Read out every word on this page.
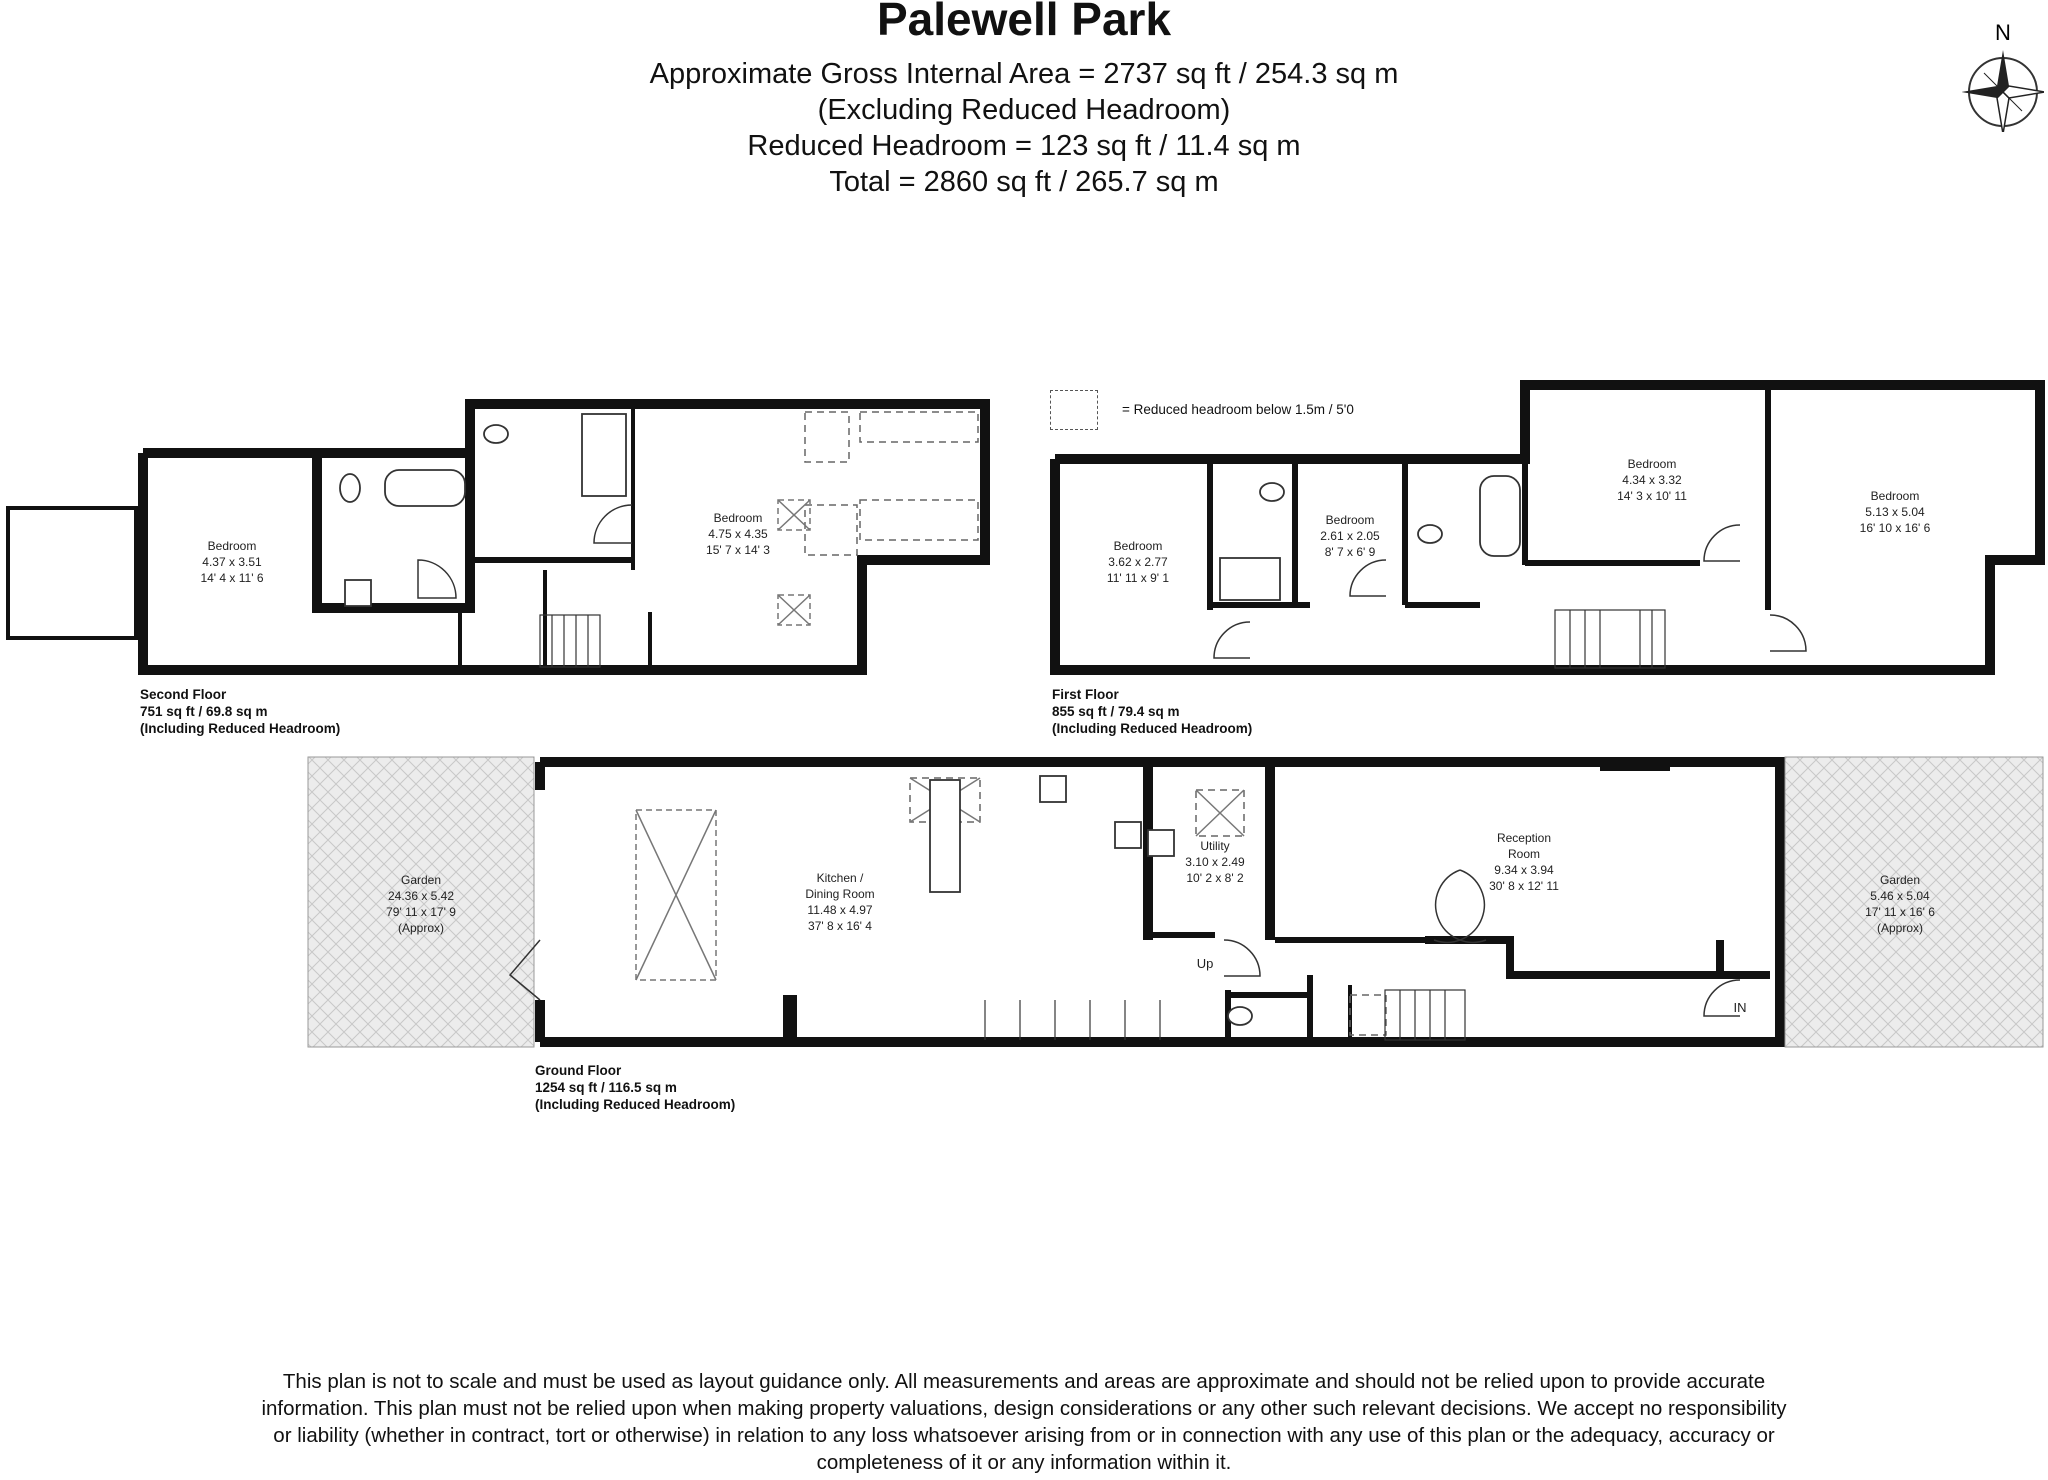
Palewell Park
Approximate Gross Internal Area = 2737 sq ft / 254.3 sq m
(Excluding Reduced Headroom)
Reduced Headroom = 123 sq ft / 11.4 sq m
Total = 2860 sq ft / 265.7 sq m
N
= Reduced headroom below 1.5m / 5'0
Bedroom
4.37 x 3.51
14' 4 x 11' 6
Bedroom
4.75 x 4.35
15' 7 x 14' 3	Bedroom
3.62 x 2.77
11' 11 x 9' 1
Bedroom
2.61 x 2.05
8' 7 x 6' 9
Bedroom
4.34 x 3.32
14' 3 x 10' 11	Bedroom
5.13 x 5.04
16' 10 x 16' 6
Garden
24.36 x 5.42
79' 11 x 17' 9
(Approx)
Kitchen /
Dining Room
11.48 x 4.97
37' 8 x 16' 4
Utility
3.10 x 2.49
10' 2 x 8' 2
Reception
Room
9.34 x 3.94
30' 8 x 12' 11	Garden
5.46 x 5.04
17' 11 x 16' 6
(Approx)
Up
IN
Second Floor
751 sq ft / 69.8 sq m
(Including Reduced Headroom)
First Floor
855 sq ft / 79.4 sq m
(Including Reduced Headroom)
Ground Floor
1254 sq ft / 116.5 sq m
(Including Reduced Headroom)
This plan is not to scale and must be used as layout guidance only. All measurements and areas are approximate and should not be relied upon to provide accurate information. This plan must not be relied upon when making property valuations, design considerations or any other such relevant decisions. We accept no responsibility or liability (whether in contract, tort or otherwise) in relation to any loss whatsoever arising from or in connection with any use of this plan or the adequacy, accuracy or completeness of it or any information within it.
